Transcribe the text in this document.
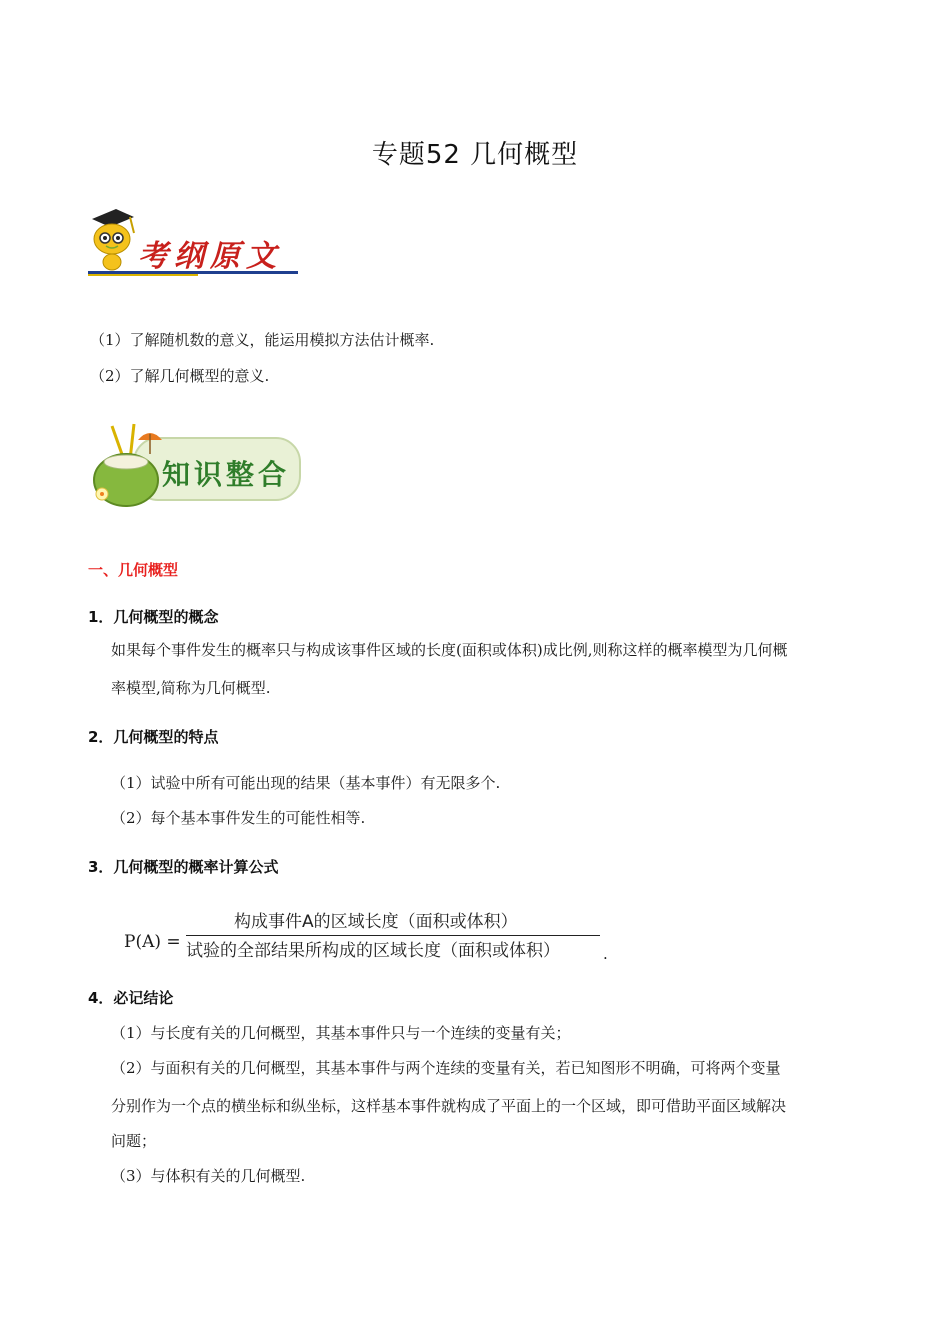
专题52 几何概型
考纲原文
（1）了解随机数的意义，能运用模拟方法估计概率.
（2）了解几何概型的意义.
知识整合
一、几何概型
1．几何概型的概念
如果每个事件发生的概率只与构成该事件区域的长度(面积或体积)成比例,则称这样的概率模型为几何概
率模型,简称为几何概型.
2．几何概型的特点
（1）试验中所有可能出现的结果（基本事件）有无限多个.
（2）每个基本事件发生的可能性相等.
3．几何概型的概率计算公式
P(A) =
构成事件A的区域长度（面积或体积）
试验的全部结果所构成的区域长度（面积或体积）	.
4．必记结论
（1）与长度有关的几何概型，其基本事件只与一个连续的变量有关；
（2）与面积有关的几何概型，其基本事件与两个连续的变量有关，若已知图形不明确，可将两个变量
分别作为一个点的横坐标和纵坐标，这样基本事件就构成了平面上的一个区域，即可借助平面区域解决
问题；
（3）与体积有关的几何概型.
